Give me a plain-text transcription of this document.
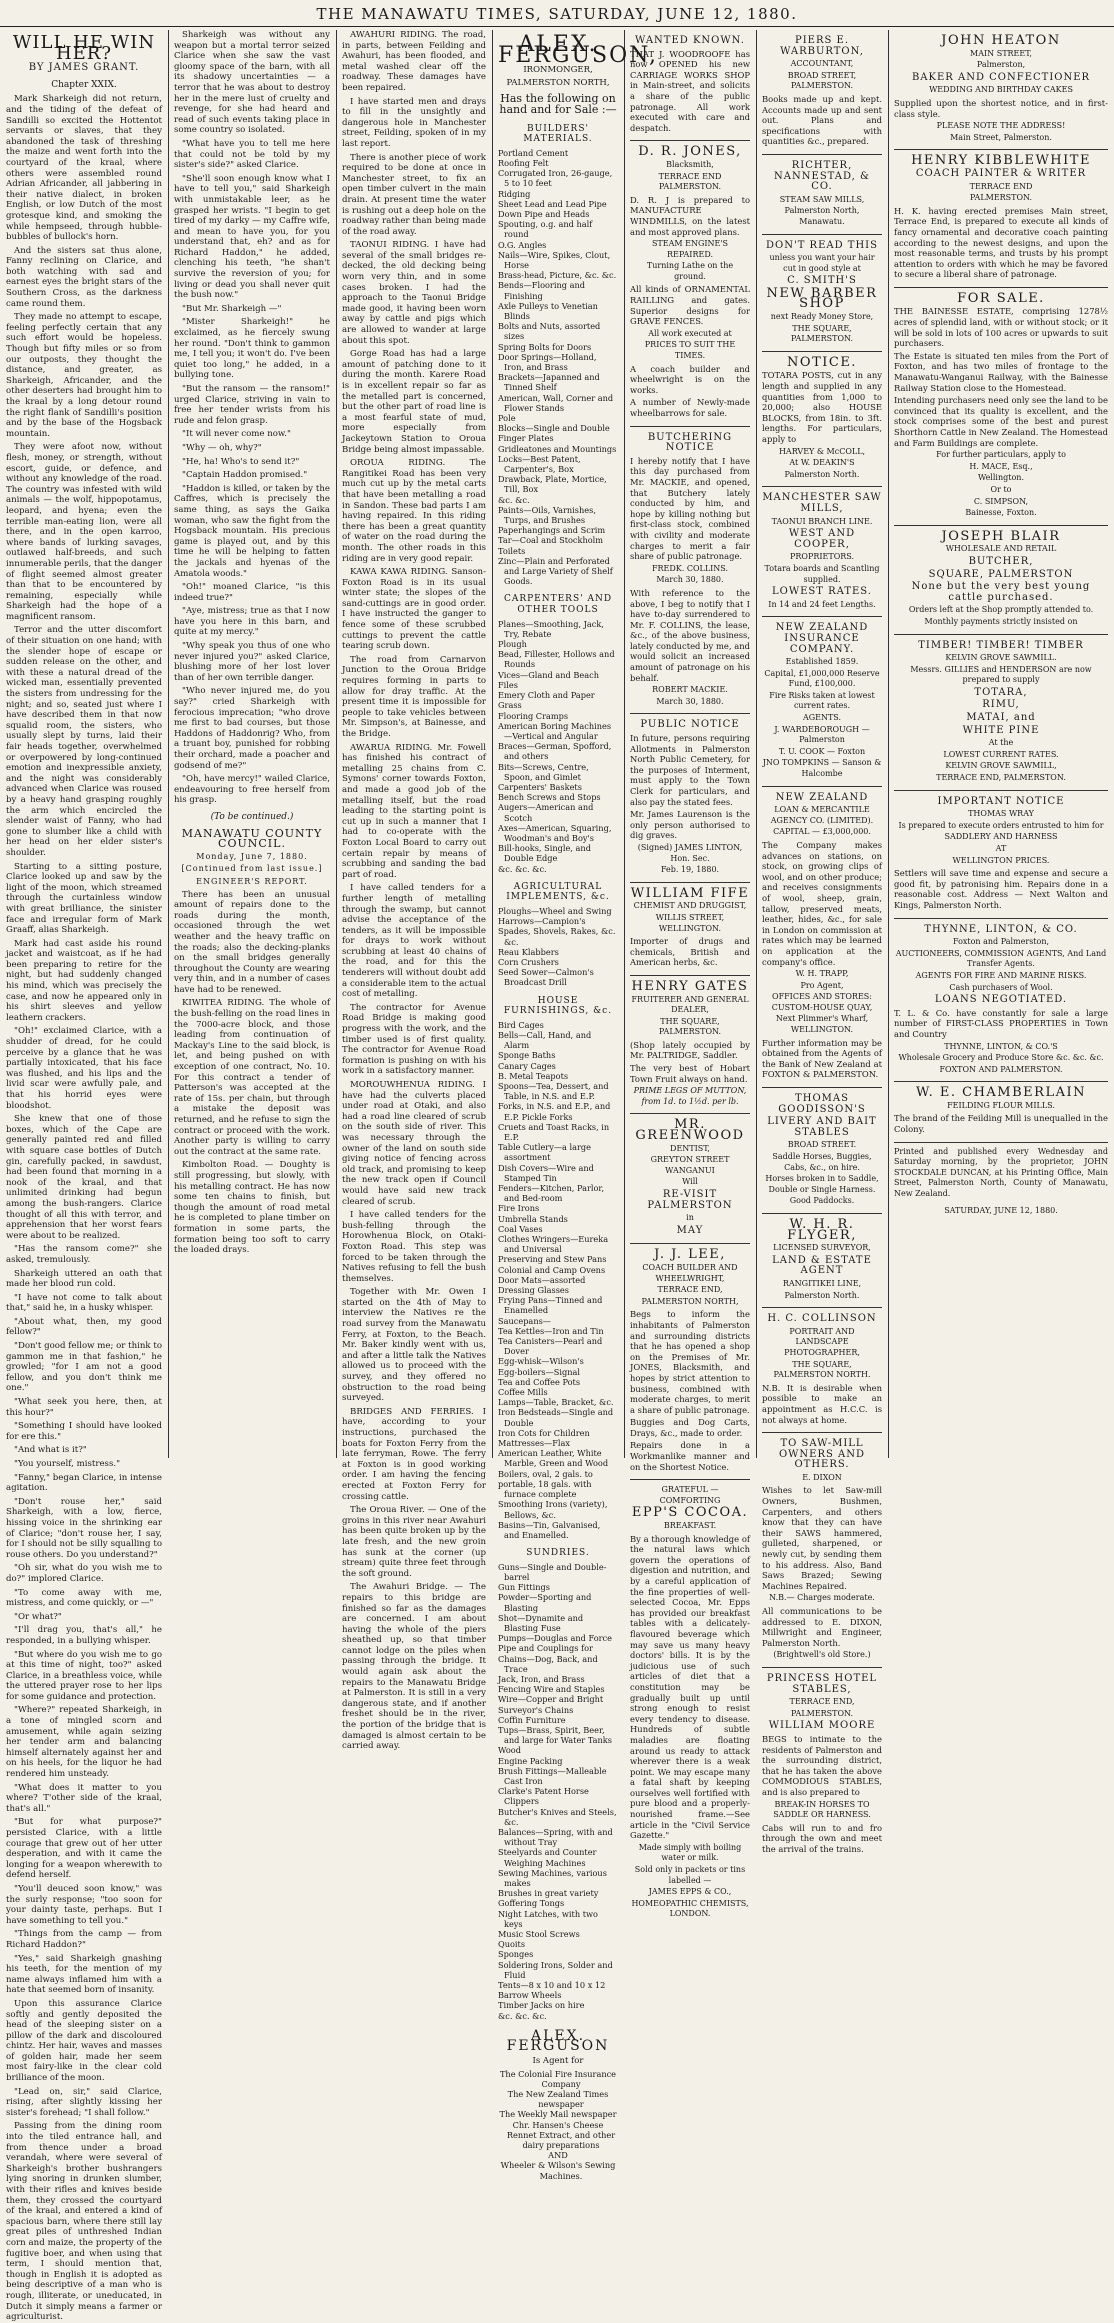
THE MANAWATU TIMES, SATURDAY, JUNE 12, 1880.
WILL HE WIN HER?
BY JAMES GRANT.
Chapter XXIX.

Mark Sharkeigh did not return, and the tiding of the defeat of Sandilli so excited the Hottentot servants or slaves, that they abandoned the task of threshing the maize and went forth into the courtyard of the kraal, where others were assembled round Adrian Africander, all jabbering in their native dialect, in broken English, or low Dutch of the most grotesque kind, and smoking the while hempseed, through hubble-bubbles of bullock's horn.

And the sisters sat thus alone, Fanny reclining on Clarice, and both watching with sad and earnest eyes the bright stars of the Southern Cross, as the darkness came round them.

They made no attempt to escape, feeling perfectly certain that any such effort would be hopeless. Though but fifty miles or so from our outposts, they thought the distance, and greater, as Sharkeigh, Africander, and the other deserters had brought him to the kraal by a long detour round the right flank of Sandilli's position and by the base of the Hogsback mountain.

They were afoot now, without flesh, money, or strength, without escort, guide, or defence, and without any knowledge of the road. The country was infested with wild animals — the wolf, hippopotamus, leopard, and hyena; even the terrible man-eating lion, were all there, and in the open karroo, where bands of lurking savages, outlawed half-breeds, and such innumerable perils, that the danger of flight seemed almost greater than that to be encountered by remaining, especially while Sharkeigh had the hope of a magnificent ransom.

Terror and the utter discomfort of their situation on one hand; with the slender hope of escape or sudden release on the other, and with these a natural dread of the wicked man, essentially prevented the sisters from undressing for the night; and so, seated just where I have described them in that now squalid room, the sisters, who usually slept by turns, laid their fair heads together, overwhelmed or overpowered by long-continued emotion and inexpressible anxiety, and the night was considerably advanced when Clarice was roused by a heavy hand grasping roughly the arm which encircled the slender waist of Fanny, who had gone to slumber like a child with her head on her elder sister's shoulder.

Starting to a sitting posture, Clarice looked up and saw by the light of the moon, which streamed through the curtainless window with great brilliance, the sinister face and irregular form of Mark Graaff, alias Sharkeigh.

Mark had cast aside his round jacket and waistcoat, as if he had been preparing to retire for the night, but had suddenly changed his mind, which was precisely the case, and now he appeared only in his shirt sleeves and yellow leathern crackers.

"Oh!" exclaimed Clarice, with a shudder of dread, for he could perceive by a glance that he was partially intoxicated, that his face was flushed, and his lips and the livid scar were awfully pale, and that his horrid eyes were bloodshot.

She knew that one of those boxes, which of the Cape are generally painted red and filled with square case bottles of Dutch gin, carefully packed, in sawdust, had been found that morning in a nook of the kraal, and that unlimited drinking had begun among the bush-rangers. Clarice thought of all this with terror, and apprehension that her worst fears were about to be realized.

"Has the ransom come?" she asked, tremulously.

Sharkeigh uttered an oath that made her blood run cold.

"I have not come to talk about that," said he, in a husky whisper.

"About what, then, my good fellow?"

"Don't good fellow me; or think to gammon me in that fashion," he growled; "for I am not a good fellow, and you don't think me one."

"What seek you here, then, at this hour?"

"Something I should have looked for ere this."

"And what is it?"

"You yourself, mistress."

"Fanny," began Clarice, in intense agitation.

"Don't rouse her," said Sharkeigh, with a low, fierce, hissing voice in the shrinking ear of Clarice; "don't rouse her, I say, for I should not be silly squalling to rouse others. Do you understand?"

"Oh sir, what do you wish me to do?" implored Clarice.

"To come away with me, mistress, and come quickly, or —"

"Or what?"

"I'll drag you, that's all," he responded, in a bullying whisper.

"But where do you wish me to go at this time of night, too?" asked Clarice, in a breathless voice, while the uttered prayer rose to her lips for some guidance and protection.

"Where?" repeated Sharkeigh, in a tone of mingled scorn and amusement, while again seizing her tender arm and balancing himself alternately against her and on his heels, for the liquor he had rendered him unsteady.

"What does it matter to you where? T'other side of the kraal, that's all."

"But for what purpose?" persisted Clarice, with a little courage that grew out of her utter desperation, and with it came the longing for a weapon wherewith to defend herself.

"You'll deuced soon know," was the surly response; "too soon for your dainty taste, perhaps. But I have something to tell you."

"Things from the camp — from Richard Haddon?"

"Yes," said Sharkeigh gnashing his teeth, for the mention of my name always inflamed him with a hate that seemed born of insanity.

Upon this assurance Clarice softly and gently deposited the head of the sleeping sister on a pillow of the dark and discoloured chintz. Her hair, waves and masses of golden hair, made her seem most fairy-like in the clear cold brilliance of the moon.

"Lead on, sir," said Clarice, rising, after slightly kissing her sister's forehead; "I shall follow."

Passing from the dining room into the tiled entrance hall, and from thence under a broad verandah, where were several of Sharkeigh's brother bushrangers lying snoring in drunken slumber, with their rifles and knives beside them, they crossed the courtyard of the kraal, and entered a kind of spacious barn, where there still lay great piles of unthreshed Indian corn and maize, the property of the fugitive boer, and when using that term, I should mention that, though in English it is adopted as being descriptive of a man who is rough, illiterate, or uneducated, in Dutch it simply means a farmer or agriculturist.

Sharkeigh was without any weapon but a mortal terror seized Clarice when she saw the vast gloomy space of the barn, with all its shadowy uncertainties — a terror that he was about to destroy her in the mere lust of cruelty and revenge, for she had heard and read of such events taking place in some country so isolated.

"What have you to tell me here that could not be told by my sister's side?" asked Clarice.

"She'll soon enough know what I have to tell you," said Sharkeigh with unmistakable leer, as he grasped her wrists. "I begin to get tired of my darky — my Caffre wife, and mean to have you, for you understand that, eh? and as for Richard Haddon," he added, clenching his teeth, "he shan't survive the reversion of you; for living or dead you shall never quit the bush now."

"But Mr. Sharkeigh —"

"Mister Sharkeigh!" he exclaimed, as he fiercely swung her round. "Don't think to gammon me, I tell you; it won't do. I've been quiet too long," he added, in a bullying tone.

"But the ransom — the ransom!" urged Clarice, striving in vain to free her tender wrists from his rude and felon grasp.

"It will never come now."

"Why — oh, why?"

"He, ha! Who's to send it?"

"Captain Haddon promised."

"Haddon is killed, or taken by the Caffres, which is precisely the same thing, as says the Gaika woman, who saw the fight from the Hogsback mountain. His precious game is played out, and by this time he will be helping to fatten the jackals and hyenas of the Amatola woods."

"Oh!" moaned Clarice, "is this indeed true?"

"Aye, mistress; true as that I now have you here in this barn, and quite at my mercy."

"Why speak you thus of one who never injured you?" asked Clarice, blushing more of her lost lover than of her own terrible danger.

"Who never injured me, do you say?" cried Sharkeigh with ferocious imprecation; "who drove me first to bad courses, but those Haddons of Haddonrig? Who, from a truant boy, punished for robbing their orchard, made a poacher and godsend of me?"

"Oh, have mercy!" wailed Clarice, endeavouring to free herself from his grasp.

(To be continued.)
MANAWATU COUNTY COUNCIL.
Monday, June 7, 1880.
[Continued from last issue.]
ENGINEER'S REPORT.

There has been an unusual amount of repairs done to the roads during the month, occasioned through the wet weather and the heavy traffic on the roads; also the decking-planks on the small bridges generally throughout the County are wearing very thin, and in a number of cases have had to be renewed.

KIWITEA RIDING. The whole of the bush-felling on the road lines in the 7000-acre block, and those leading from continuation of Mackay's Line to the said block, is let, and being pushed on with exception of one contract, No. 10. For this contract a tender of Patterson's was accepted at the rate of 15s. per chain, but through a mistake the deposit was returned, and he refuse to sign the contract or proceed with the work. Another party is willing to carry out the contract at the same rate.

Kimbolton Road. — Doughty is still progressing, but slowly, with his metalling contract. He has now some ten chains to finish, but though the amount of road metal he is completed to plane timber on formation in some parts, the formation being too soft to carry the loaded drays.

AWAHURI RIDING. The road, in parts, between Feilding and Awahuri, has been flooded, and metal washed clear off the roadway. These damages have been repaired.

I have started men and drays to fill in the unsightly and dangerous hole in Manchester street, Feilding, spoken of in my last report.

There is another piece of work required to be done at once in Manchester street, to fix an open timber culvert in the main drain. At present time the water is rushing out a deep hole on the roadway rather than being made of the road away.

TAONUI RIDING. I have had several of the small bridges re-decked, the old decking being worn very thin, and in some cases broken. I had the approach to the Taonui Bridge made good, it having been worn away by cattle and pigs which are allowed to wander at large about this spot.

Gorge Road has had a large amount of patching done to it during the month. Karere Road is in excellent repair so far as the metalled part is concerned, but the other part of road line is a most fearful state of mud, more especially from Jackeytown Station to Oroua Bridge being almost impassable.

OROUA RIDING. The Rangitikei Road has been very much cut up by the metal carts that have been metalling a road in Sandon. These bad parts I am having repaired. In this riding there has been a great quantity of water on the road during the month. The other roads in this riding are in very good repair.

KAWA KAWA RIDING. Sanson-Foxton Road is in its usual winter state; the slopes of the sand-cuttings are in good order. I have instructed the ganger to fence some of these scrubbed cuttings to prevent the cattle tearing scrub down.

The road from Carnarvon Junction to the Oroua Bridge requires forming in parts to allow for dray traffic. At the present time it is impossible for people to take vehicles between Mr. Simpson's, at Bainesse, and the Bridge.

AWARUA RIDING. Mr. Fowell has finished his contract of metalling 25 chains from C. Symons' corner towards Foxton, and made a good job of the metalling itself, but the road leading to the starting point is cut up in such a manner that I had to co-operate with the Foxton Local Board to carry out certain repair by means of scrubbing and sanding the bad part of road.

I have called tenders for a further length of metalling through the swamp, but cannot advise the acceptance of the tenders, as it will be impossible for drays to work without scrubbing at least 40 chains of the road, and for this the tenderers will without doubt add a considerable item to the actual cost of metalling.

The contractor for Avenue Road Bridge is making good progress with the work, and the timber used is of first quality. The contractor for Avenue Road formation is pushing on with his work in a satisfactory manner.

MOROUWHENUA RIDING. I have had the culverts placed under road at Otaki, and also had a road line cleared of scrub on the south side of river. This was necessary through the owner of the land on south side giving notice of fencing across old track, and promising to keep the new track open if Council would have said new track cleared of scrub.

I have called tenders for the bush-felling through the Horowhenua Block, on Otaki-Foxton Road. This step was forced to be taken through the Natives refusing to fell the bush themselves.

Together with Mr. Owen I started on the 4th of May to interview the Natives re the road survey from the Manawatu Ferry, at Foxton, to the Beach. Mr. Baker kindly went with us, and after a little talk the Natives allowed us to proceed with the survey, and they offered no obstruction to the road being surveyed.

BRIDGES AND FERRIES. I have, according to your instructions, purchased the boats for Foxton Ferry from the late ferryman, Rowe. The ferry at Foxton is in good working order. I am having the fencing erected at Foxton Ferry for crossing cattle.

The Oroua River. — One of the groins in this river near Awahuri has been quite broken up by the late fresh, and the new groin has sunk at the corner (up stream) quite three feet through the soft ground.

The Awahuri Bridge. — The repairs to this bridge are finished so far as the damages are concerned. I am about having the whole of the piers sheathed up, so that timber cannot lodge on the piles when passing through the bridge. It would again ask about the repairs to the Manawatu Bridge at Palmerston. It is still in a very dangerous state, and if another freshet should be in the river, the portion of the bridge that is damaged is almost certain to be carried away.

ALEX. FERGUSON,
IRONMONGER,
PALMERSTON NORTH,
Has the following on hand and for Sale :—
BUILDERS' MATERIALS.
Portland Cement
Roofing Felt
Corrugated Iron, 26-gauge, 5 to 10 feet
Ridging
Sheet Lead and Lead Pipe
Down Pipe and Heads
Spouting, o.g. and half round
O.G. Angles
Nails—Wire, Spikes, Clout, Horse
Brass-head, Picture, &c. &c.
Bends—Flooring and Finishing
Axle Pulleys to Venetian Blinds
Bolts and Nuts, assorted sizes
Spring Bolts for Doors
Door Springs—Holland, Iron, and Brass
Brackets—Japanned and Tinned Shelf
American, Wall, Corner and Flower Stands
Pole
Blocks—Single and Double
Finger Plates
Gridleatones and Mountings
Locks—Best Patent, Carpenter's, Box
Drawback, Plate, Mortice, Till, Box
&c. &c.
Paints—Oils, Varnishes, Turps, and Brushes
Paperhangings and Scrim
Tar—Coal and Stockholm
Toilets
Zinc—Plain and Perforated and Large Variety of Shelf Goods.
CARPENTERS' AND OTHER TOOLS
Planes—Smoothing, Jack, Try, Rebate
Plough
Bead, Fillester, Hollows and Rounds
Vices—Gland and Beach
Files
Emery Cloth and Paper
Grass
Flooring Cramps
American Boring Machines—Vertical and Angular
Braces—German, Spofford, and others
Bits—Screws, Centre, Spoon, and Gimlet
Carpenters' Baskets
Bench Screws and Stops
Augers—American and Scotch
Axes—American, Squaring, Woodman's and Boy's
Bill-hooks, Single, and Double Edge
&c. &c. &c.
AGRICULTURAL IMPLEMENTS, &c.
Ploughs—Wheel and Swing
Harrows—Campion's
Spades, Shovels, Rakes, &c. &c.
Reau Klabbers
Corn Crushers
Seed Sower—Calmon's Broadcast Drill
HOUSE FURNISHINGS, &c.
Bird Cages
Bells—Call, Hand, and Alarm
Sponge Baths
Canary Cages
B. Metal Teapots
Spoons—Tea, Dessert, and Table, in N.S. and E.P.
Forks, in N.S. and E.P., and E.P. Pickle Forks
Cruets and Toast Racks, in E.P.
Table Cutlery—a large assortment
Dish Covers—Wire and Stamped Tin
Fenders—Kitchen, Parlor, and Bed-room
Fire Irons
Umbrella Stands
Coal Vases
Clothes Wringers—Eureka and Universal
Preserving and Stew Pans
Colonial and Camp Ovens
Door Mats—assorted
Dressing Glasses
Frying Pans—Tinned and Enamelled
Saucepans—
Tea Kettles—Iron and Tin
Tea Canisters—Pearl and Dover
Egg-whisk—Wilson's
Egg-boilers—Signal
Tea and Coffee Pots
Coffee Mills
Lamps—Table, Bracket, &c.
Iron Bedsteads—Single and Double
Iron Cots for Children
Mattresses—Flax
American Leather, White Marble, Green and Wood
Boilers, oval, 2 gals. to
portable, 18 gals. with furnace complete
Smoothing Irons (variety), Bellows, &c.
Basins—Tin, Galvanised, and Enamelled.
SUNDRIES.
Guns—Single and Double-barrel
Gun Fittings
Powder—Sporting and Blasting
Shot—Dynamite and Blasting Fuse
Pumps—Douglas and Force
Pipe and Couplings for
Chains—Dog, Back, and Trace
Jack, Iron, and Brass
Fencing Wire and Staples
Wire—Copper and Bright
Surveyor's Chains
Coffin Furniture
Tups—Brass, Spirit, Beer, and large for Water Tanks
Wood
Engine Packing
Brush Fittings—Malleable Cast Iron
Clarke's Patent Horse Clippers
Butcher's Knives and Steels, &c.
Balances—Spring, with and without Tray
Steelyards and Counter Weighing Machines
Sewing Machines, various makes
Brushes in great variety
Goffering Tongs
Night Latches, with two keys
Music Stool Screws
Quoits
Sponges
Soldering Irons, Solder and Fluid
Tents—8 x 10 and 10 x 12
Barrow Wheels
Timber Jacks on hire
&c. &c. &c.
ALEX. FERGUSON
Is Agent for
The Colonial Fire Insurance Company
The New Zealand Times newspaper
The Weekly Mail newspaper
Chr. Hansen's Cheese Rennet Extract, and other dairy preparations
AND
Wheeler & Wilson's Sewing Machines.
WANTED KNOWN.
THAT J. WOODROOFE has now OPENED his new CARRIAGE WORKS SHOP in Main-street, and solicits a share of the public patronage. All work executed with care and despatch.
D. R. JONES,
Blacksmith,
TERRACE END PALMERSTON.
D. R. J is prepared to MANUFACTURE WINDMILLS, on the latest and most approved plans.
STEAM ENGINE'S REPAIRED.
Turning Lathe on the ground.
All kinds of ORNAMENTAL RAILLING and gates. Superior designs for GRAVE FENCES.
All work executed at
PRICES TO SUIT THE TIMES.
A coach builder and wheelwright is on the works.
A number of Newly-made wheelbarrows for sale.
BUTCHERING NOTICE
I hereby notify that I have this day purchased from Mr. MACKIE, and opened, that Butchery lately conducted by him, and hope by killing nothing but first-class stock, combined with civility and moderate charges to merit a fair share of public patronage.
FREDK. COLLINS.
March 30, 1880.
With reference to the above, I beg to notify that I have to-day surrendered to Mr. F. COLLINS, the lease, &c., of the above business, lately conducted by me, and would solicit an increased amount of patronage on his behalf.
ROBERT MACKIE.
March 30, 1880.
PUBLIC NOTICE
In future, persons requiring Allotments in Palmerston North Public Cemetery, for the purposes of Interment, must apply to the Town Clerk for particulars, and also pay the stated fees.
Mr. James Laurenson is the only person authorised to dig graves.
(Signed) JAMES LINTON, Hon. Sec.
Feb. 19, 1880.
WILLIAM FIFE
CHEMIST AND DRUGGIST,
WILLIS STREET, WELLINGTON.
Importer of drugs and chemicals, British and American herbs, &c.
HENRY GATES
FRUITERER AND GENERAL DEALER,
THE SQUARE, PALMERSTON.
(Shop lately occupied by Mr. PALTRIDGE, Saddler.
The very best of Hobart Town Fruit always on hand.
PRIME LEGS OF MUTTON, from 1d. to 1½d. per lb.
MR. GREENWOOD
DENTIST,
GREYTON STREET WANGANUI
Will
RE-VISIT PALMERSTON
in
MAY
J. J. LEE,
COACH BUILDER AND WHEELWRIGHT,
TERRACE END,
PALMERSTON NORTH,
Begs to inform the inhabitants of Palmerston and surrounding districts that he has opened a shop on the Premises of Mr. JONES, Blacksmith, and hopes by strict attention to business, combined with moderate charges, to merit a share of public patronage.
Buggies and Dog Carts, Drays, &c., made to order.
Repairs done in a Workmanlike manner and on the Shortest Notice.
GRATEFUL — COMFORTING
EPP'S COCOA.
BREAKFAST.
By a thorough knowledge of the natural laws which govern the operations of digestion and nutrition, and by a careful application of the fine properties of well-selected Cocoa, Mr. Epps has provided our breakfast tables with a delicately-flavoured beverage which may save us many heavy doctors' bills. It is by the judicious use of such articles of diet that a constitution may be gradually built up until strong enough to resist every tendency to disease. Hundreds of subtle maladies are floating around us ready to attack wherever there is a weak point. We may escape many a fatal shaft by keeping ourselves well fortified with pure blood and a properly-nourished frame.—See article in the "Civil Service Gazette."
Made simply with boiling water or milk.
Sold only in packets or tins labelled —
JAMES EPPS & CO.,
HOMEOPATHIC CHEMISTS, LONDON.
PIERS E. WARBURTON,
ACCOUNTANT,
BROAD STREET, PALMERSTON.
Books made up and kept. Accounts made up and sent out. Plans and specifications with quantities &c., prepared.
RICHTER, NANNESTAD, & CO.
STEAM SAW MILLS,
Palmerston North, Manawatu.
DON'T READ THIS
unless you want your hair cut in good style at
C. SMITH'S
NEW BARBER SHOP
next Ready Money Store,
THE SQUARE, PALMERSTON.
NOTICE.
TOTARA POSTS, cut in any length and supplied in any quantities from 1,000 to 20,000; also HOUSE BLOCKS, from 18in. to 3ft. lengths. For particulars, apply to
HARVEY & McCOLL,
At W. DEAKIN'S
Palmerston North.
MANCHESTER SAW MILLS,
TAONUI BRANCH LINE.
WEST AND COOPER,
PROPRIETORS.
Totara boards and Scantling supplied.
LOWEST RATES.
In 14 and 24 feet Lengths.
NEW ZEALAND INSURANCE COMPANY.
Established 1859.
Capital, £1,000,000 Reserve Fund, £100,000.
Fire Risks taken at lowest current rates.
AGENTS.
J. WARDEBOROUGH — Palmerston
T. U. COOK — Foxton
JNO TOMPKINS — Sanson & Halcombe
NEW ZEALAND
LOAN & MERCANTILE AGENCY CO. (LIMITED).
CAPITAL — £3,000,000.
The Company makes advances on stations, on stock, on growing clips of wool, and on other produce; and receives consignments of wool, sheep, grain, tallow, preserved meats, leather, hides, &c., for sale in London on commission at rates which may be learned on application at the company's office.
W. H. TRAPP,
Pro Agent,
OFFICES AND STORES: CUSTOM-HOUSE QUAY, Next Plimmer's Wharf,
WELLINGTON.
Further information may be obtained from the Agents of the Bank of New Zealand at FOXTON & PALMERSTON.
THOMAS GOODISSON'S
LIVERY AND BAIT STABLES
BROAD STREET.
Saddle Horses, Buggies, Cabs, &c., on hire.
Horses broken in to Saddle, Double or Single Harness.
Good Paddocks.
W. H. R. FLYGER,
LICENSED SURVEYOR,
LAND & ESTATE AGENT
RANGITIKEI LINE,
Palmerston North.
H. C. COLLINSON
PORTRAIT AND LANDSCAPE PHOTOGRAPHER,
THE SQUARE, PALMERSTON NORTH.
N.B. It is desirable when possible to make an appointment as H.C.C. is not always at home.
TO SAW-MILL OWNERS AND OTHERS.
E. DIXON
Wishes to let Saw-mill Owners, Bushmen, Carpenters, and others know that they can have their SAWS hammered, gulleted, sharpened, or newly cut, by sending them to his address. Also, Band Saws Brazed; Sewing Machines Repaired.
N.B.— Charges moderate.
All communications to be addressed to E. DIXON, Millwright and Engineer, Palmerston North.
(Brightwell's old Store.)
PRINCESS HOTEL STABLES,
TERRACE END,
PALMERSTON.
WILLIAM MOORE
BEGS to intimate to the residents of Palmerston and the surrounding district, that he has taken the above COMMODIOUS STABLES, and is also prepared to
BREAK-IN HORSES TO SADDLE OR HARNESS.
Cabs will run to and fro through the own and meet the arrival of the trains.
JOHN HEATON
MAIN STREET,
Palmerston,
BAKER AND CONFECTIONER
WEDDING AND BIRTHDAY CAKES
Supplied upon the shortest notice, and in first-class style.
PLEASE NOTE THE ADDRESS!
Main Street, Palmerston.
HENRY KIBBLEWHITE
COACH PAINTER & WRITER
TERRACE END
PALMERSTON.
H. K. having erected premises Main street, Terrace End, is prepared to execute all kinds of fancy ornamental and decorative coach painting according to the newest designs, and upon the most reasonable terms, and trusts by his prompt attention to orders with which he may be favored to secure a liberal share of patronage.
FOR SALE.
THE BAINESSE ESTATE, comprising 1278½ acres of splendid land, with or without stock; or it will be sold in lots of 100 acres or upwards to suit purchasers.
The Estate is situated ten miles from the Port of Foxton, and has two miles of frontage to the Manawatu-Wanganui Railway, with the Bainesse Railway Station close to the Homestead.
Intending purchasers need only see the land to be convinced that its quality is excellent, and the stock comprises some of the best and purest Shorthorn Cattle in New Zealand. The Homestead and Farm Buildings are complete.
For further particulars, apply to
H. MACE, Esq.,
Wellington.
Or to
C. SIMPSON,
Bainesse, Foxton.
JOSEPH BLAIR
WHOLESALE AND RETAIL
BUTCHER,
SQUARE, PALMERSTON
None but the very best young cattle purchased.
Orders left at the Shop promptly attended to.
Monthly payments strictly insisted on
TIMBER! TIMBER! TIMBER
KELVIN GROVE SAWMILL.
Messrs. GILLIES and HENDERSON are now prepared to supply
TOTARA,
RIMU,
MATAI, and
WHITE PINE
At the
LOWEST CURRENT RATES.
KELVIN GROVE SAWMILL,
TERRACE END, PALMERSTON.
IMPORTANT NOTICE
THOMAS WRAY
Is prepared to execute orders entrusted to him for
SADDLERY AND HARNESS
AT
WELLINGTON PRICES.
Settlers will save time and expense and secure a good fit, by patronising him. Repairs done in a reasonable cost. Address — Next Walton and Kings, Palmerston North.
THYNNE, LINTON, & CO.
Foxton and Palmerston,
AUCTIONEERS, COMMISSION AGENTS, And Land Transfer Agents.
AGENTS FOR FIRE AND MARINE RISKS.
Cash purchasers of Wool.
LOANS NEGOTIATED.
T. L. & Co. have constantly for sale a large number of FIRST-CLASS PROPERTIES in Town and Country
THYNNE, LINTON, & CO.'S
Wholesale Grocery and Produce Store &c. &c. &c.
FOXTON AND PALMERSTON.
W. E. CHAMBERLAIN
FEILDING FLOUR MILLS.
The brand of the Feilding Mill is unequalled in the Colony.
Printed and published every Wednesday and Saturday morning, by the proprietor, JOHN STOCKDALE DUNCAN, at his Printing Office, Main Street, Palmerston North, County of Manawatu, New Zealand.
SATURDAY, JUNE 12, 1880.
